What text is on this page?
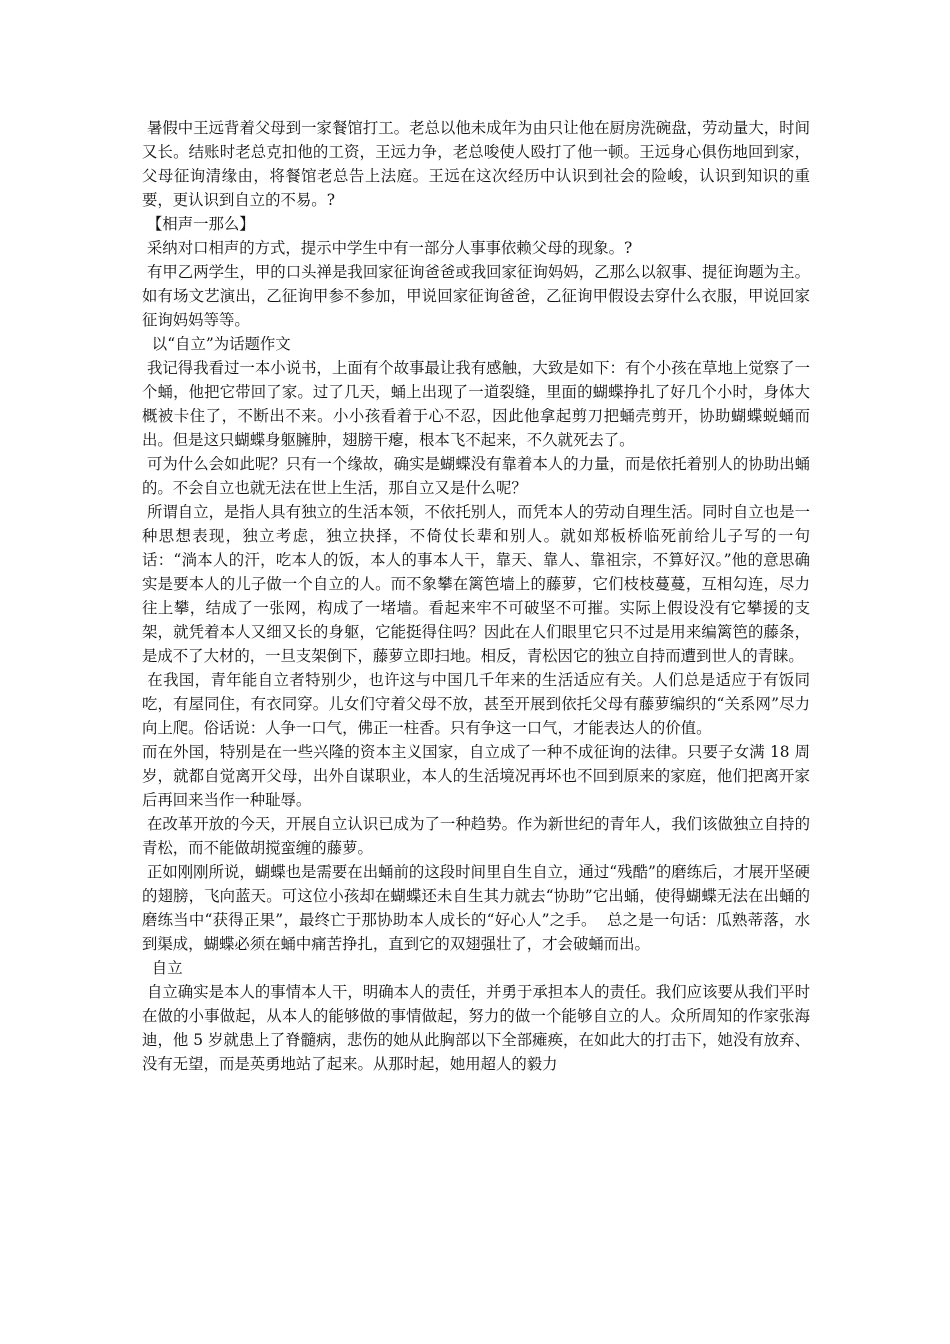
暑假中王远背着父母到一家餐馆打工。老总以他未成年为由只让他在厨房洗碗盘，劳动量大，时间又长。结账时老总克扣他的工资，王远力争，老总唆使人殴打了他一顿。王远身心俱伤地回到家，父母征询清缘由，将餐馆老总告上法庭。王远在这次经历中认识到社会的险峻，认识到知识的重要，更认识到自立的不易。?

【相声一那么】

采纳对口相声的方式，提示中学生中有一部分人事事依赖父母的现象。?

有甲乙两学生，甲的口头禅是我回家征询爸爸或我回家征询妈妈，乙那么以叙事、提征询题为主。如有场文艺演出，乙征询甲参不参加，甲说回家征询爸爸，乙征询甲假设去穿什么衣服，甲说回家征询妈妈等等。

以“自立”为话题作文

我记得我看过一本小说书，上面有个故事最让我有感触，大致是如下：有个小孩在草地上觉察了一个蛹，他把它带回了家。过了几天，蛹上出现了一道裂缝，里面的蝴蝶挣扎了好几个小时，身体大概被卡住了，不断出不来。小小孩看着于心不忍，因此他拿起剪刀把蛹壳剪开，协助蝴蝶蜕蛹而出。但是这只蝴蝶身躯臃肿，翅膀干瘪，根本飞不起来，不久就死去了。

可为什么会如此呢？只有一个缘故，确实是蝴蝶没有靠着本人的力量，而是依托着别人的协助出蛹的。不会自立也就无法在世上生活，那自立又是什么呢？

所谓自立，是指人具有独立的生活本领，不依托别人，而凭本人的劳动自理生活。同时自立也是一种思想表现，独立考虑，独立抉择，不倚仗长辈和别人。就如郑板桥临死前给儿子写的一句话：“淌本人的汗，吃本人的饭，本人的事本人干，靠天、靠人、靠祖宗，不算好汉。”他的意思确实是要本人的儿子做一个自立的人。而不象攀在篱笆墙上的藤萝，它们枝枝蔓蔓，互相勾连，尽力往上攀，结成了一张网，构成了一堵墙。看起来牢不可破坚不可摧。实际上假设没有它攀援的支架，就凭着本人又细又长的身躯，它能挺得住吗？因此在人们眼里它只不过是用来编篱笆的藤条，是成不了大材的，一旦支架倒下，藤萝立即扫地。相反，青松因它的独立自持而遭到世人的青睐。

在我国，青年能自立者特别少，也许这与中国几千年来的生活适应有关。人们总是适应于有饭同吃，有屋同住，有衣同穿。儿女们守着父母不放，甚至开展到依托父母有藤萝编织的“关系网”尽力向上爬。俗话说：人争一口气，佛正一柱香。只有争这一口气，才能表达人的价值。

而在外国，特别是在一些兴隆的资本主义国家，自立成了一种不成征询的法律。只要子女满 18 周岁，就都自觉离开父母，出外自谋职业，本人的生活境况再坏也不回到原来的家庭，他们把离开家后再回来当作一种耻辱。

在改革开放的今天，开展自立认识已成为了一种趋势。作为新世纪的青年人，我们该做独立自持的青松，而不能做胡搅蛮缠的藤萝。

正如刚刚所说，蝴蝶也是需要在出蛹前的这段时间里自生自立，通过“残酷”的磨练后，才展开坚硬的翅膀，飞向蓝天。可这位小孩却在蝴蝶还未自生其力就去“协助”它出蛹，使得蝴蝶无法在出蛹的磨练当中“获得正果”，最终亡于那协助本人成长的“好心人”之手。  总之是一句话：瓜熟蒂落，水到渠成，蝴蝶必须在蛹中痛苦挣扎，直到它的双翅强壮了，才会破蛹而出。

自立

自立确实是本人的事情本人干，明确本人的责任，并勇于承担本人的责任。我们应该要从我们平时在做的小事做起，从本人的能够做的事情做起，努力的做一个能够自立的人。众所周知的作家张海迪，他 5 岁就患上了脊髓病，悲伤的她从此胸部以下全部瘫痪，在如此大的打击下，她没有放弃、没有无望，而是英勇地站了起来。从那时起，她用超人的毅力
